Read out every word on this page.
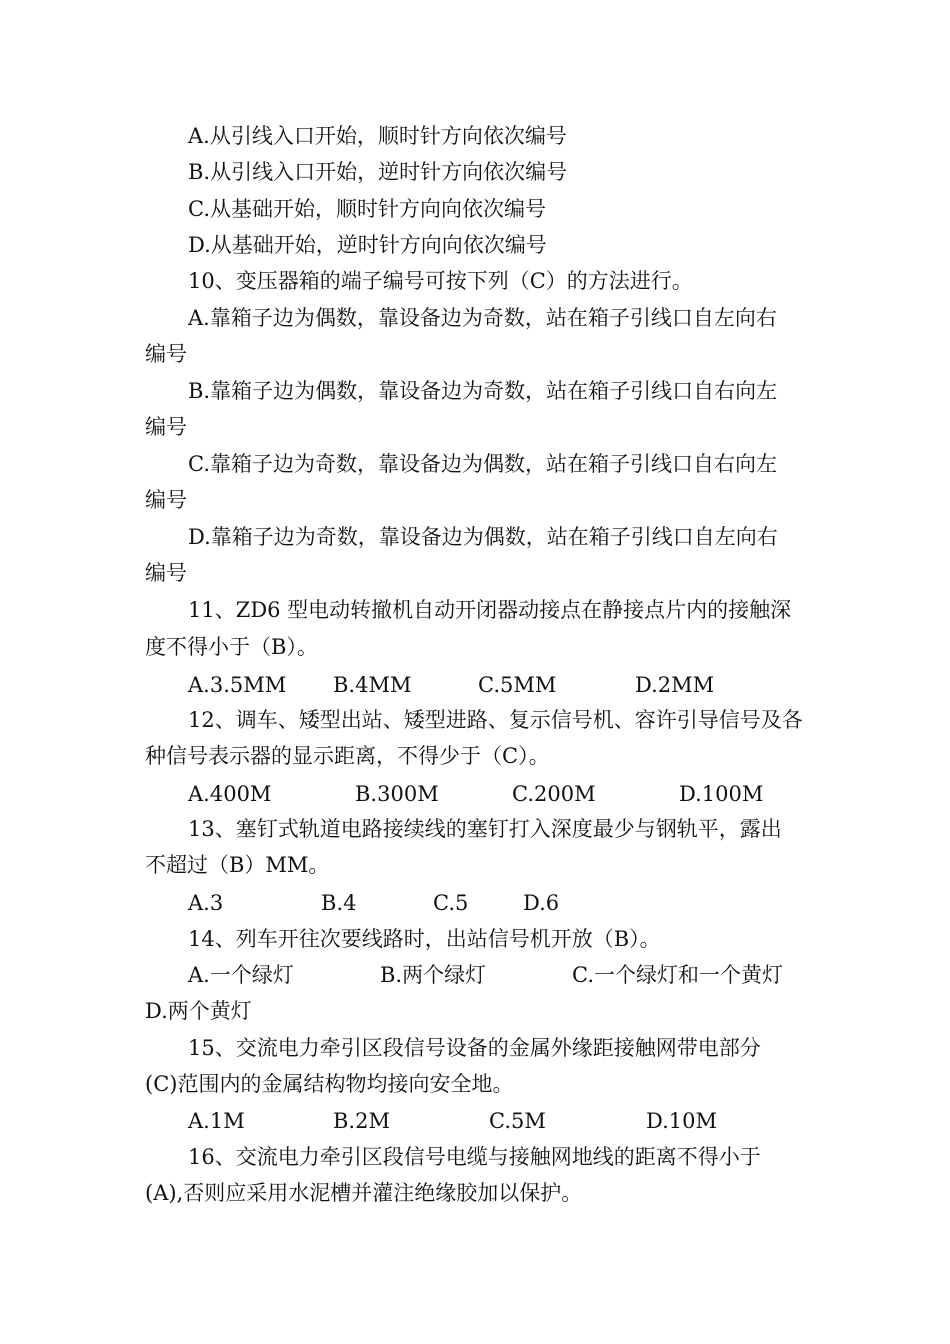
A.从引线入口开始，顺时针方向依次编号
B.从引线入口开始，逆时针方向依次编号
C.从基础开始，顺时针方向向依次编号
D.从基础开始，逆时针方向向依次编号
10、变压器箱的端子编号可按下列（C）的方法进行。
A.靠箱子边为偶数，靠设备边为奇数，站在箱子引线口自左向右
编号
B.靠箱子边为偶数，靠设备边为奇数，站在箱子引线口自右向左
编号
C.靠箱子边为奇数，靠设备边为偶数，站在箱子引线口自右向左
编号
D.靠箱子边为奇数，靠设备边为偶数，站在箱子引线口自左向右
编号
11、ZD6 型电动转撤机自动开闭器动接点在静接点片内的接触深
度不得小于（B）。
A.3.5MM B.4MM	C.5MM	D.2MM
12、调车、矮型出站、矮型进路、复示信号机、容许引导信号及各
种信号表示器的显示距离，不得少于（C）。
A.400M	B.300M	C.200M	D.100M
13、塞钉式轨道电路接续线的塞钉打入深度最少与钢轨平，露出
不超过（B）MM。
A.3	B.4	C.5	D.6
14、列车开往次要线路时，出站信号机开放（B）。
A.一个绿灯	B.两个绿灯	C.一个绿灯和一个黄灯
D.两个黄灯
15、交流电力牵引区段信号设备的金属外缘距接触网带电部分
(C)范围内的金属结构物均接向安全地。
A.1M	B.2M	C.5M	D.10M
16、交流电力牵引区段信号电缆与接触网地线的距离不得小于
(A),否则应采用水泥槽并灌注绝缘胶加以保护。
